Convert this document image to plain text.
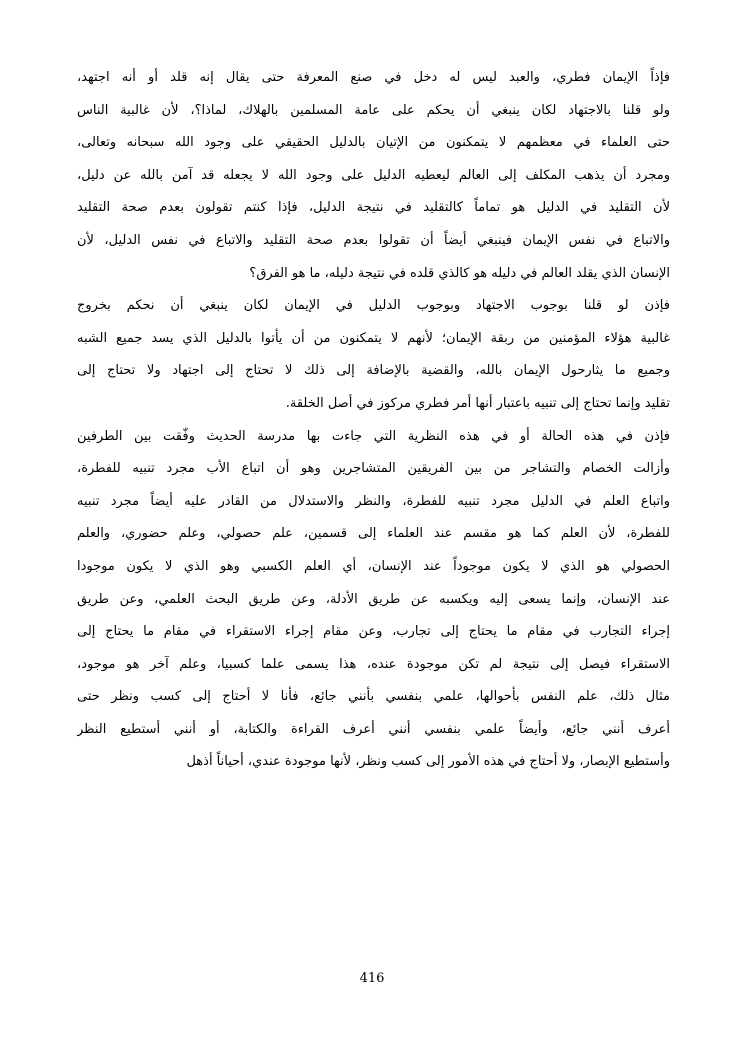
فإذاً الإيمان فطري، والعبد ليس له دخل في صنع المعرفة حتى يقال إنه قلد أو أنه اجتهد،
ولو قلنا بالاجتهاد لكان ينبغي أن يحكم على عامة المسلمين بالهلاك، لماذا؟، لأن غالبية الناس
حتى العلماء في معظمهم لا يتمكنون من الإتيان بالدليل الحقيقي على وجود الله سبحانه وتعالى،
ومجرد أن يذهب المكلف إلى العالم ليعطيه الدليل على وجود الله لا يجعله قد آمن بالله عن دليل،
لأن التقليد في الدليل هو تماماً كالتقليد في نتيجة الدليل، فإذا كنتم تقولون بعدم صحة التقليد
والاتباع في نفس الإيمان فينبغي أيضاً أن تقولوا بعدم صحة التقليد والاتباع في نفس الدليل، لأن
الإنسان الذي يقلد العالم في دليله هو كالذي قلده في نتيجة دليله، ما هو الفرق؟
فإذن لو قلنا بوجوب الاجتهاد وبوجوب الدليل في الإيمان لكان ينبغي أن نحكم بخروج
غالبية هؤلاء المؤمنين من ربقة الإيمان؛ لأنهم لا يتمكنون من أن يأتوا بالدليل الذي يسد جميع الشبه
وجميع ما يثارحول الإيمان بالله، والقضية بالإضافة إلى ذلك لا تحتاج إلى اجتهاد ولا تحتاج إلى
تقليد وإنما تحتاج إلى تنبيه باعتبار أنها أمر فطري مركوز في أصل الخلقة.
فإذن في هذه الحالة أو في هذه النظرية التي جاءت بها مدرسة الحديث وفّقت بين الطرفين
وأزالت الخصام والتشاجر من بين الفريقين المتشاجرين وهو أن اتباع الأب مجرد تنبيه للفطرة،
واتباع العلم في الدليل مجرد تنبيه للفطرة، والنظر والاستدلال من القادر عليه أيضاً مجرد تنبيه
للفطرة، لأن العلم كما هو مقسم عند العلماء إلى قسمين، علم حصولي، وعلم حضوري، والعلم
الحصولي هو الذي لا يكون موجوداً عند الإنسان، أي العلم الكسبي وهو الذي لا يكون موجودا
عند الإنسان، وإنما يسعى إليه ويكسبه عن طريق الأدلة، وعن طريق البحث العلمي، وعن طريق
إجراء التجارب في مقام ما يحتاج إلى تجارب، وعن مقام إجراء الاستقراء في مقام ما يحتاج إلى
الاستقراء فيصل إلى نتيجة لم تكن موجودة عنده، هذا يسمى علما كسبيا، وعلم آخر هو موجود،
مثال ذلك، علم النفس بأحوالها، علمي بنفسي بأنني جائع، فأنا لا أحتاج إلى كسب ونظر حتى
أعرف أنني جائع، وأيضاً علمي بنفسي أنني أعرف القراءة والكتابة، أو أنني أستطيع النظر
وأستطيع الإبصار، ولا أحتاج في هذه الأمور إلى كسب ونظر، لأنها موجودة عندي، أحياناً أذهل
416
